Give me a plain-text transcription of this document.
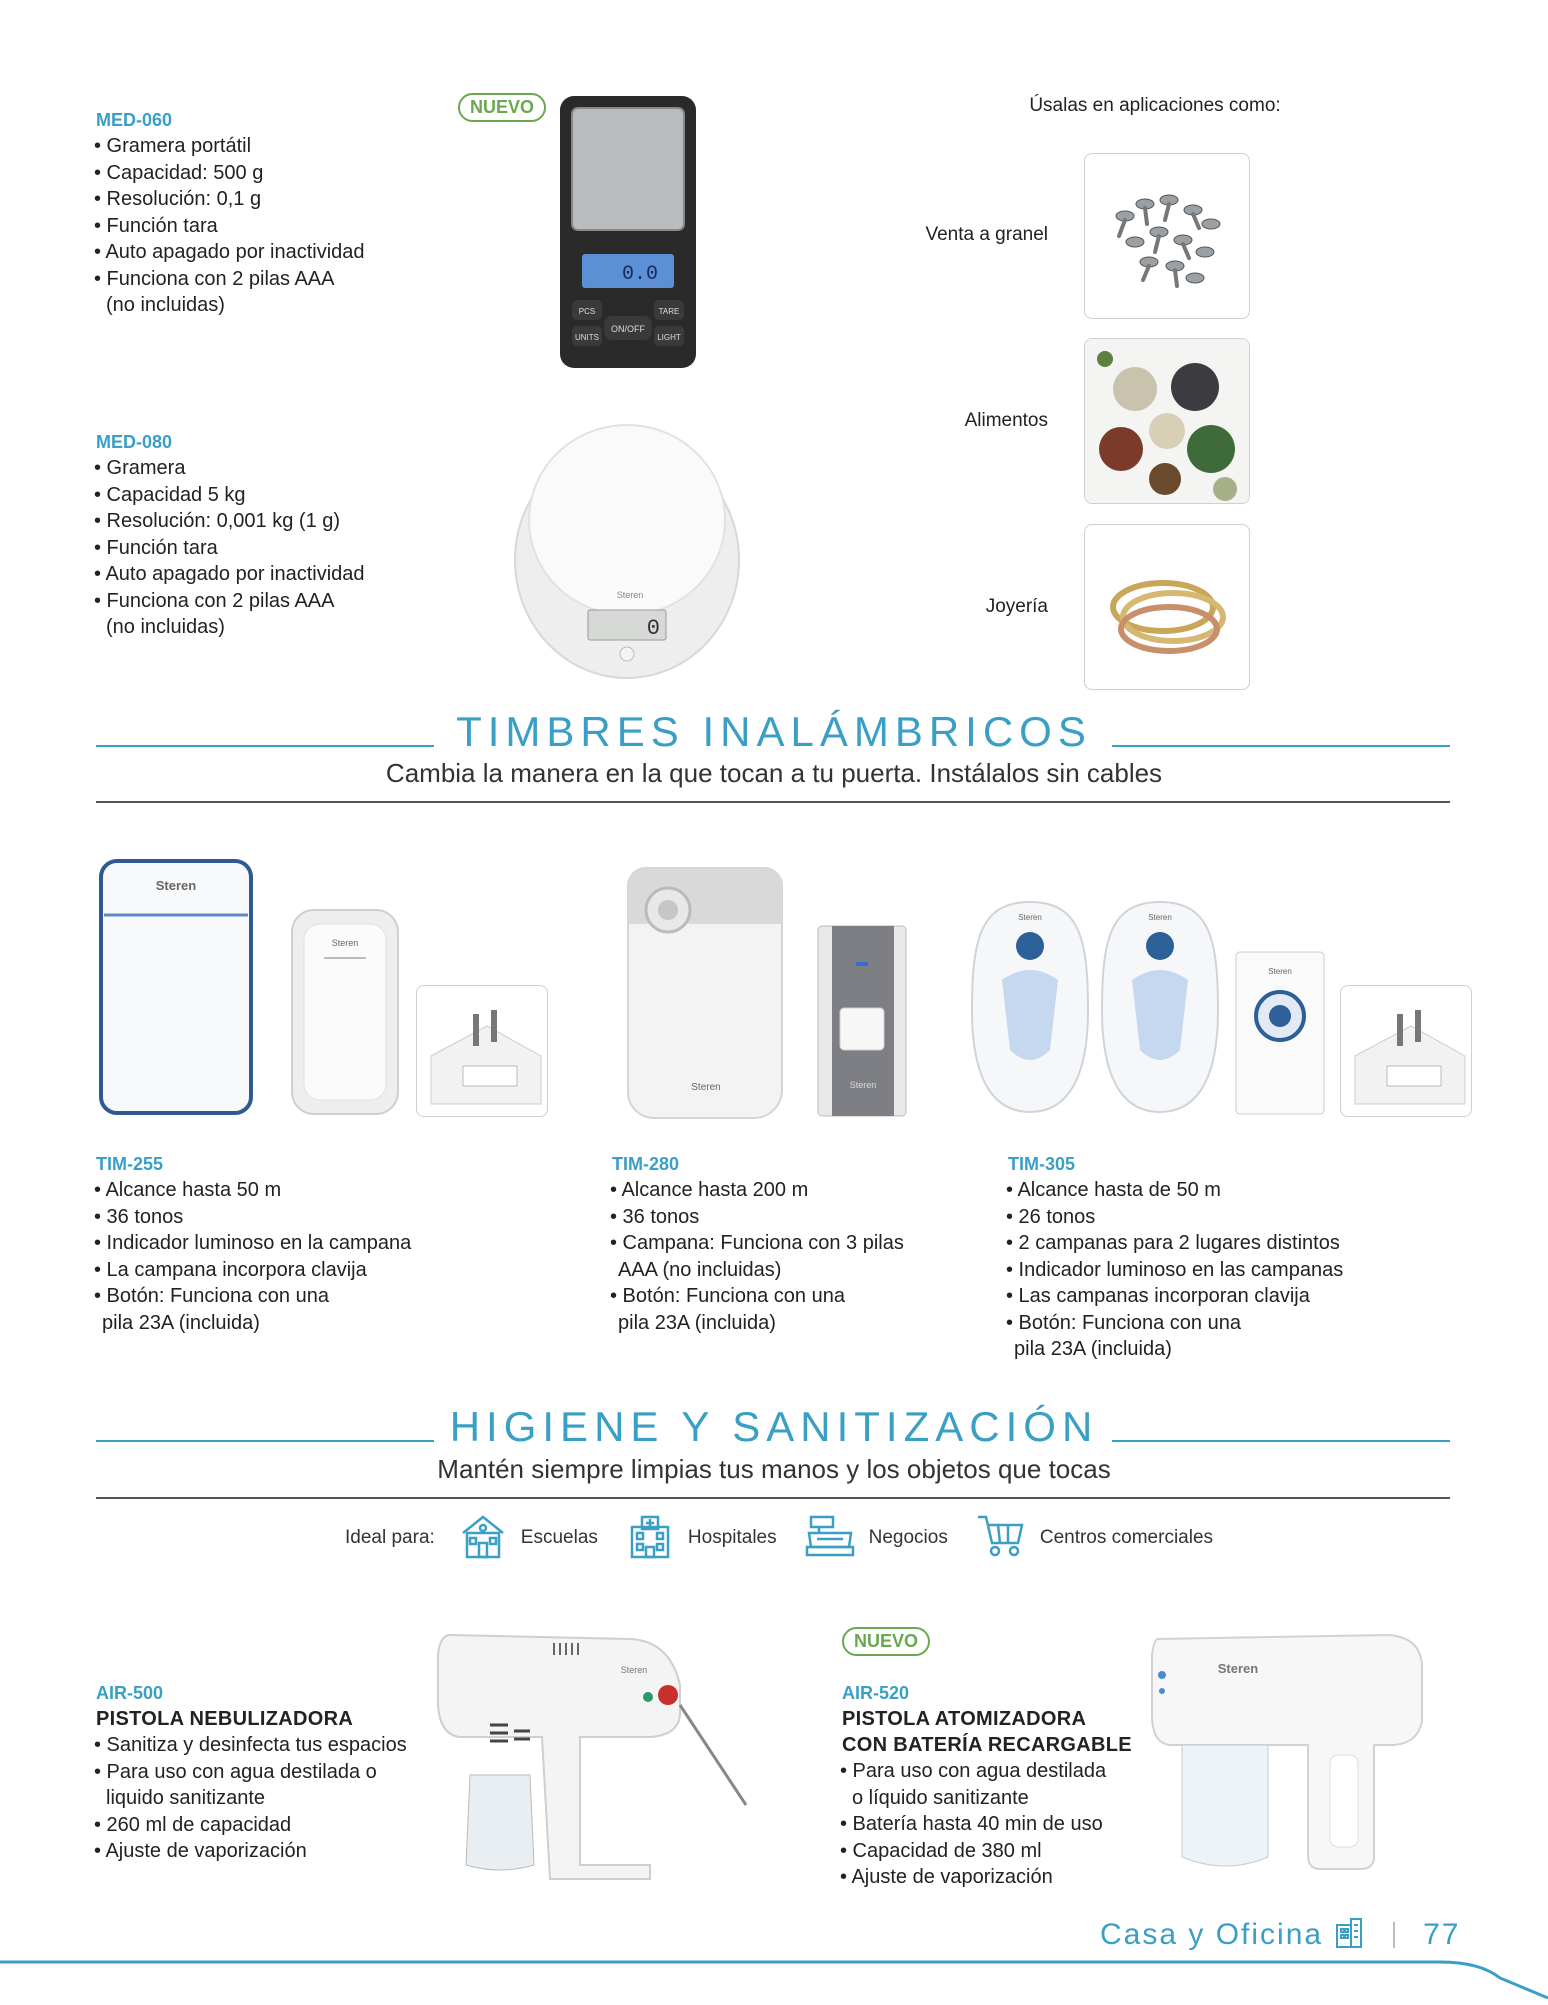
MED-060
• Gramera portátil
• Capacidad: 500 g
• Resolución: 0,1 g
• Función tara
• Auto apagado por inactividad
• Funciona con 2 pilas AAA
(no incluidas)
NUEVO
0.0
PCS
ON/OFF
TARE
UNITS	LIGHT
MED-080
• Gramera
• Capacidad 5 kg
• Resolución: 0,001 kg (1 g)
• Función tara
• Auto apagado por inactividad
• Funciona con 2 pilas AAA
(no incluidas)
Steren
0
Úsalas en aplicaciones como:
Venta a granel
Alimentos
Joyería
TIMBRES INALÁMBRICOS
Cambia la manera en la que tocan a tu puerta. Instálalos sin cables
Steren
Steren
Steren	Steren
Steren	Steren
Steren
TIM-255
• Alcance hasta 50 m
• 36 tonos
• Indicador luminoso en la campana
• La campana incorpora clavija
• Botón: Funciona con una
pila 23A (incluida)
TIM-280
• Alcance hasta 200 m
• 36 tonos
• Campana: Funciona con 3 pilas
AAA (no incluidas)
• Botón: Funciona con una
pila 23A (incluida)
TIM-305
• Alcance hasta de 50 m
• 26 tonos
• 2 campanas para 2 lugares distintos
• Indicador luminoso en las campanas
• Las campanas incorporan clavija
• Botón: Funciona con una
pila 23A (incluida)
HIGIENE Y SANITIZACIÓN
Mantén siempre limpias tus manos y los objetos que tocas
Ideal para:	Escuelas	Hospitales	Negocios	Centros comerciales
AIR-500
PISTOLA NEBULIZADORA
• Sanitiza y desinfecta tus espacios
• Para uso con agua destilada o
liquido sanitizante
• 260 ml de capacidad
• Ajuste de vaporización
Steren
NUEVO
AIR-520
PISTOLA ATOMIZADORA
CON BATERÍA RECARGABLE
• Para uso con agua destilada
o líquido sanitizante
• Batería hasta 40 min de uso
• Capacidad de 380 ml
• Ajuste de vaporización
Steren
Casa y Oficina	77
